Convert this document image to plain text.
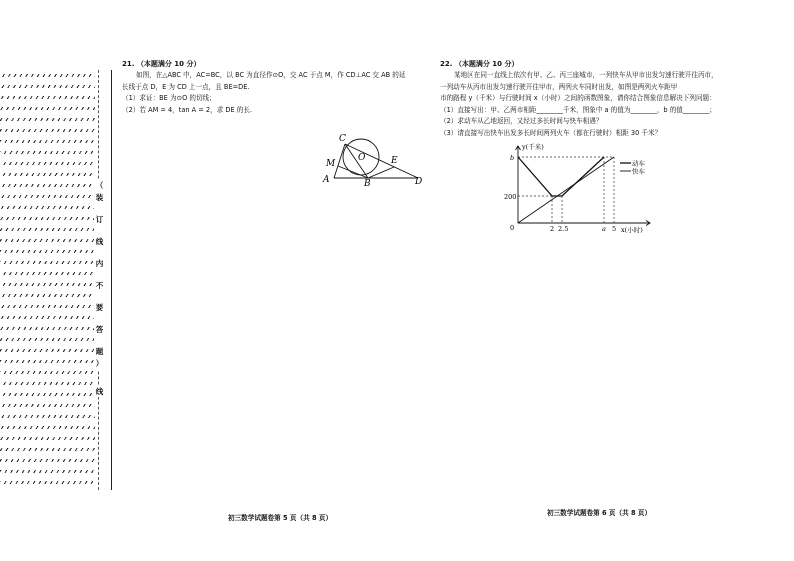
（
装
订
线
内
不
要
答
题
）
线
21. （本题满分 10 分）

如图，在△ABC 中，AC=BC，以 BC 为直径作⊙O，交 AC 于点 M，作 CD⊥AC 交 AB 的延

长线于点 D，E 为 CD 上一点，且 BE=DE.

（1）求证：BE 为⊙O 的切线；

（2）若 AM = 4，tan A = 2，求 DE 的长.

C
M
O	E
A	B	D
22. （本题满分 10 分）

某地区在同一直线上依次有甲、乙、丙三座城市，一列快车从甲市出发匀速行驶开往丙市，

一列动车从丙市出发匀速行驶开往甲市，两列火车同时出发，如图是两列火车距甲

市的路程 y（千米）与行驶时间 x（小时）之间的函数图象，请你结合图象信息解决下列问题：

（1）直接写出：甲、乙两市相距________千米，图象中 a 的值为________，b 的值________；

（2）求动车从乙地返回，又经过多长时间与快车相遇？

（3）请直接写出快车出发多长时间两列火车（都在行驶时）相距 30 千米？

y(千米)
x(小时)
0
b
200
2 2.5	a 5
动车
快车
初三数学试题卷第 5 页（共 8 页）
初三数学试题卷第 6 页（共 8 页）
